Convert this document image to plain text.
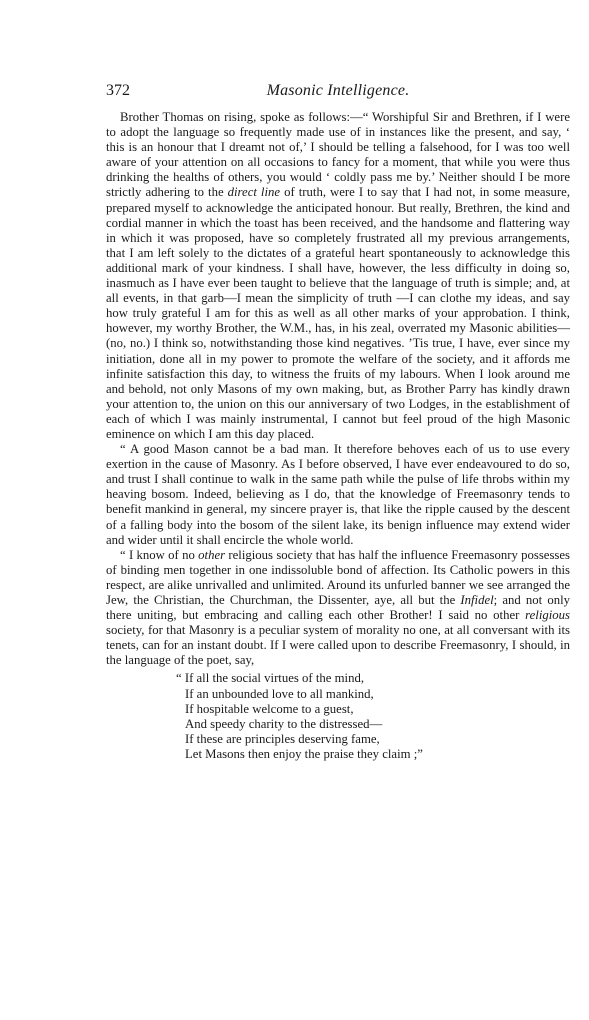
372	Masonic Intelligence.

Brother Thomas on rising, spoke as follows:—“ Worshipful Sir and Brethren, if I were to adopt the language so frequently made use of in instances like the present, and say, ‘ this is an honour that I dreamt not of,’ I should be telling a falsehood, for I was too well aware of your attention on all occasions to fancy for a moment, that while you were thus drinking the healths of others, you would ‘ coldly pass me by.’ Neither should I be more strictly adhering to the direct line of truth, were I to say that I had not, in some measure, prepared myself to acknowledge the anticipated honour. But really, Brethren, the kind and cordial manner in which the toast has been received, and the handsome and flattering way in which it was proposed, have so completely frustrated all my previous arrangements, that I am left solely to the dictates of a grateful heart spontaneously to acknowledge this additional mark of your kindness. I shall have, however, the less difficulty in doing so, inasmuch as I have ever been taught to believe that the language of truth is simple; and, at all events, in that garb—I mean the simplicity of truth —I can clothe my ideas, and say how truly grateful I am for this as well as all other marks of your approbation. I think, however, my worthy Brother, the W.M., has, in his zeal, overrated my Masonic abilities—(no, no.) I think so, notwithstanding those kind negatives. ’Tis true, I have, ever since my initiation, done all in my power to promote the welfare of the society, and it affords me infinite satisfaction this day, to witness the fruits of my labours. When I look around me and behold, not only Masons of my own making, but, as Brother Parry has kindly drawn your attention to, the union on this our anniversary of two Lodges, in the establishment of each of which I was mainly instrumental, I cannot but feel proud of the high Masonic eminence on which I am this day placed.

“ A good Mason cannot be a bad man. It therefore behoves each of us to use every exertion in the cause of Masonry. As I before observed, I have ever endeavoured to do so, and trust I shall continue to walk in the same path while the pulse of life throbs within my heaving bosom. Indeed, believing as I do, that the knowledge of Freemasonry tends to benefit mankind in general, my sincere prayer is, that like the ripple caused by the descent of a falling body into the bosom of the silent lake, its benign influence may extend wider and wider until it shall encircle the whole world.

“ I know of no other religious society that has half the influence Freemasonry possesses of binding men together in one indissoluble bond of affection. Its Catholic powers in this respect, are alike unrivalled and unlimited. Around its unfurled banner we see arranged the Jew, the Christian, the Churchman, the Dissenter, aye, all but the Infidel; and not only there uniting, but embracing and calling each other Brother! I said no other religious society, for that Masonry is a peculiar system of morality no one, at all conversant with its tenets, can for an instant doubt. If I were called upon to describe Freemasonry, I should, in the language of the poet, say,

“ If all the social virtues of the mind,
If an unbounded love to all mankind,
If hospitable welcome to a guest,
And speedy charity to the distressed—
If these are principles deserving fame,
Let Masons then enjoy the praise they claim ;”
